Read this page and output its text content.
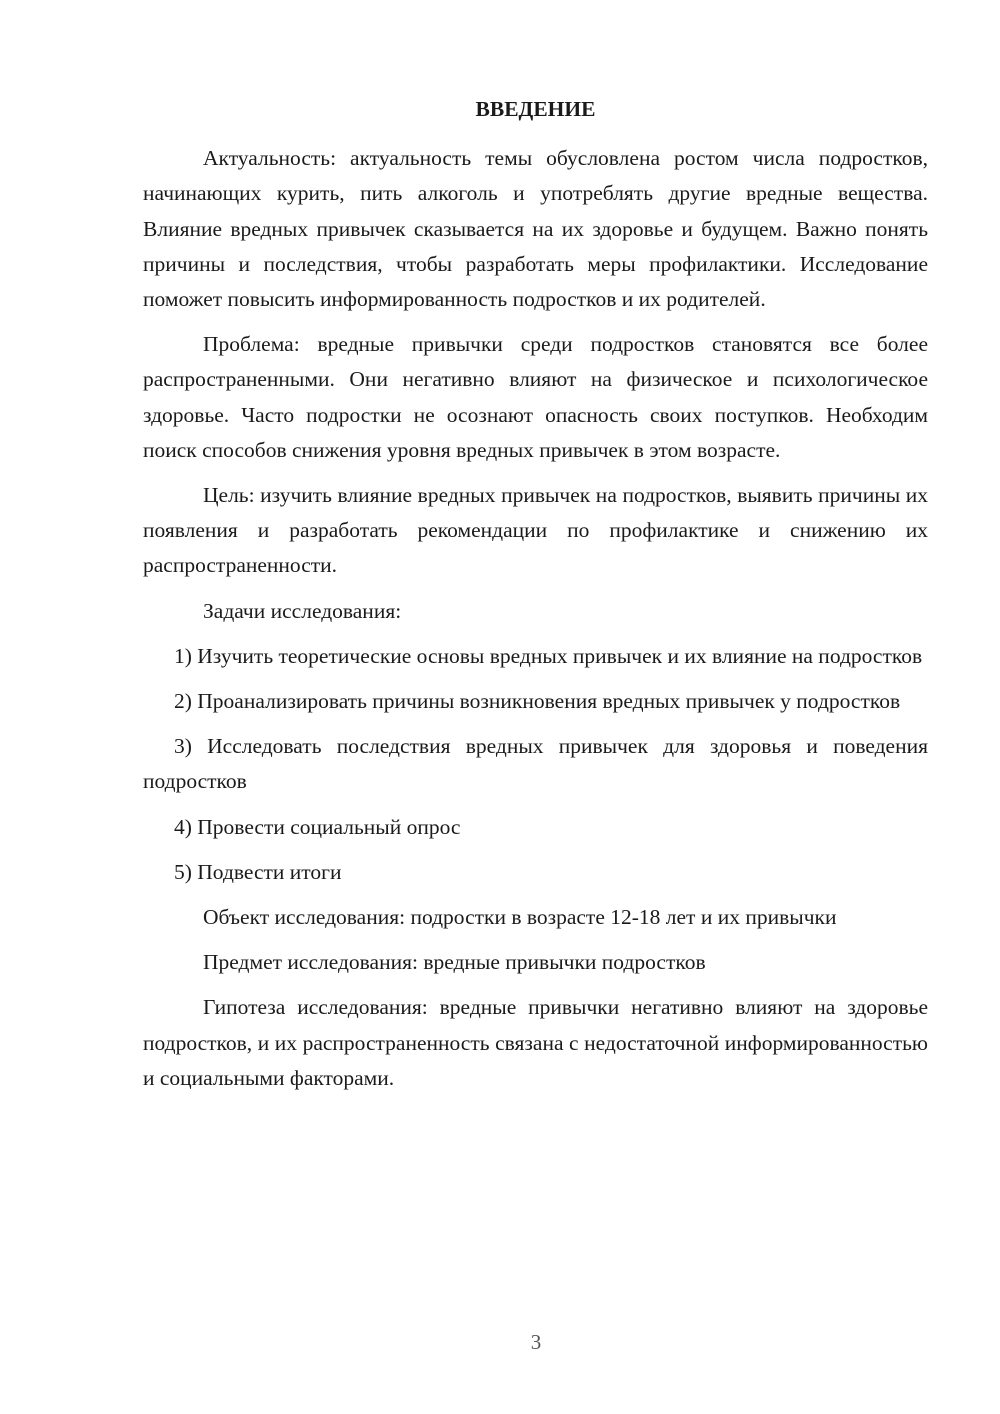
ВВЕДЕНИЕ

Актуальность: актуальность темы обусловлена ростом числа подростков, начинающих курить, пить алкоголь и употреблять другие вредные вещества. Влияние вредных привычек сказывается на их здоровье и будущем. Важно понять причины и последствия, чтобы разработать меры профилактики. Исследование поможет повысить информированность подростков и их родителей.

Проблема: вредные привычки среди подростков становятся все более распространенными. Они негативно влияют на физическое и психологическое здоровье. Часто подростки не осознают опасность своих поступков. Необходим поиск способов снижения уровня вредных привычек в этом возрасте.

Цель: изучить влияние вредных привычек на подростков, выявить причины их появления и разработать рекомендации по профилактике и снижению их распространенности.

Задачи исследования:

1) Изучить теоретические основы вредных привычек и их влияние на подростков

2) Проанализировать причины возникновения вредных привычек у подростков

3) Исследовать последствия вредных привычек для здоровья и поведения подростков

4) Провести социальный опрос

5) Подвести итоги

Объект исследования: подростки в возрасте 12-18 лет и их привычки

Предмет исследования: вредные привычки подростков

Гипотеза исследования: вредные привычки негативно влияют на здоровье подростков, и их распространенность связана с недостаточной информированностью и социальными факторами.

3
